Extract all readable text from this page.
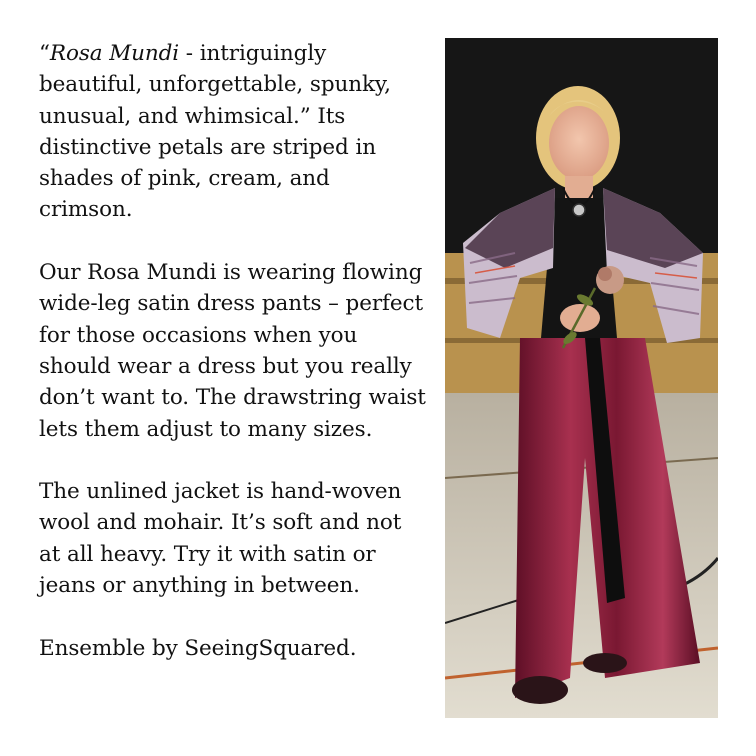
“Rosa Mundi - intriguingly beautiful, unforgettable, spunky, unusual, and whimsical.” Its distinctive petals are striped in shades of pink, cream, and crimson.

Our Rosa Mundi is wearing flowing wide-leg satin dress pants – perfect for those occasions when you should wear a dress but you really don’t want to. The drawstring waist lets them adjust to many sizes.

The unlined jacket is hand-woven wool and mohair. It’s soft and not at all heavy. Try it with satin or jeans or anything in between.

Ensemble by SeeingSquared.
